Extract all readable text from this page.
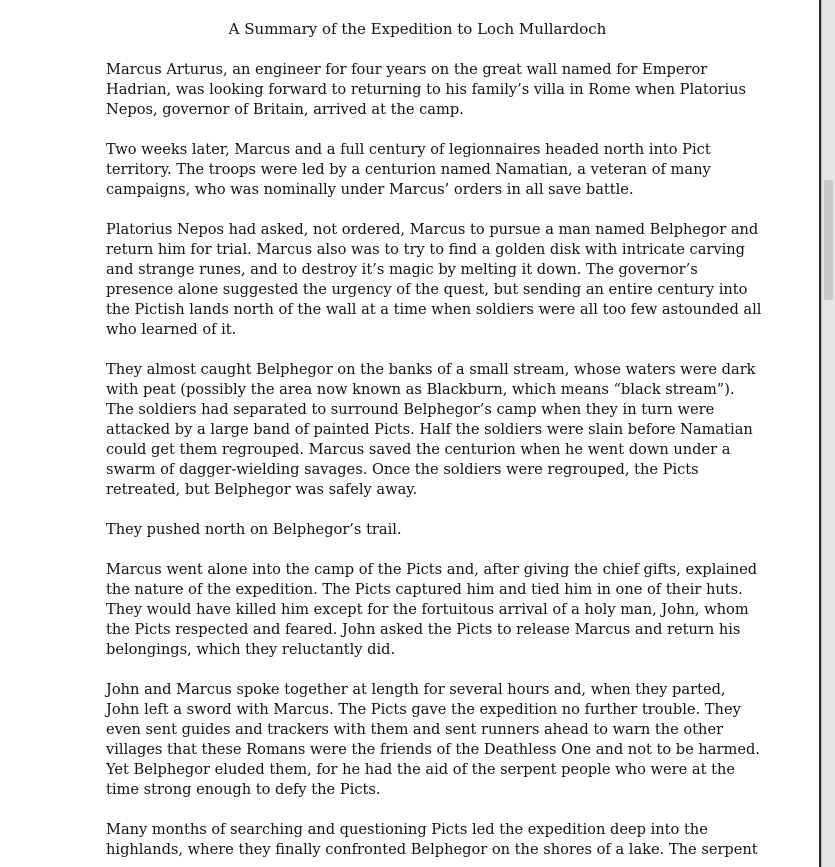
A Summary of the Expedition to Loch Mullardoch

Marcus Arturus, an engineer for four years on the great wall named for Emperor
Hadrian, was looking forward to returning to his family’s villa in Rome when Platorius
Nepos, governor of Britain, arrived at the camp.

Two weeks later, Marcus and a full century of legionnaires headed north into Pict
territory. The troops were led by a centurion named Namatian, a veteran of many
campaigns, who was nominally under Marcus’ orders in all save battle.

Platorius Nepos had asked, not ordered, Marcus to pursue a man named Belphegor and
return him for trial. Marcus also was to try to find a golden disk with intricate carving
and strange runes, and to destroy it’s magic by melting it down. The governor’s
presence alone suggested the urgency of the quest, but sending an entire century into
the Pictish lands north of the wall at a time when soldiers were all too few astounded all
who learned of it.

They almost caught Belphegor on the banks of a small stream, whose waters were dark
with peat (possibly the area now known as Blackburn, which means “black stream”).
The soldiers had separated to surround Belphegor’s camp when they in turn were
attacked by a large band of painted Picts. Half the soldiers were slain before Namatian
could get them regrouped. Marcus saved the centurion when he went down under a
swarm of dagger-wielding savages. Once the soldiers were regrouped, the Picts
retreated, but Belphegor was safely away.

They pushed north on Belphegor’s trail.

Marcus went alone into the camp of the Picts and, after giving the chief gifts, explained
the nature of the expedition. The Picts captured him and tied him in one of their huts.
They would have killed him except for the fortuitous arrival of a holy man, John, whom
the Picts respected and feared. John asked the Picts to release Marcus and return his
belongings, which they reluctantly did.

John and Marcus spoke together at length for several hours and, when they parted,
John left a sword with Marcus. The Picts gave the expedition no further trouble. They
even sent guides and trackers with them and sent runners ahead to warn the other
villages that these Romans were the friends of the Deathless One and not to be harmed.
Yet Belphegor eluded them, for he had the aid of the serpent people who were at the
time strong enough to defy the Picts.

Many months of searching and questioning Picts led the expedition deep into the
highlands, where they finally confronted Belphegor on the shores of a lake. The serpent
